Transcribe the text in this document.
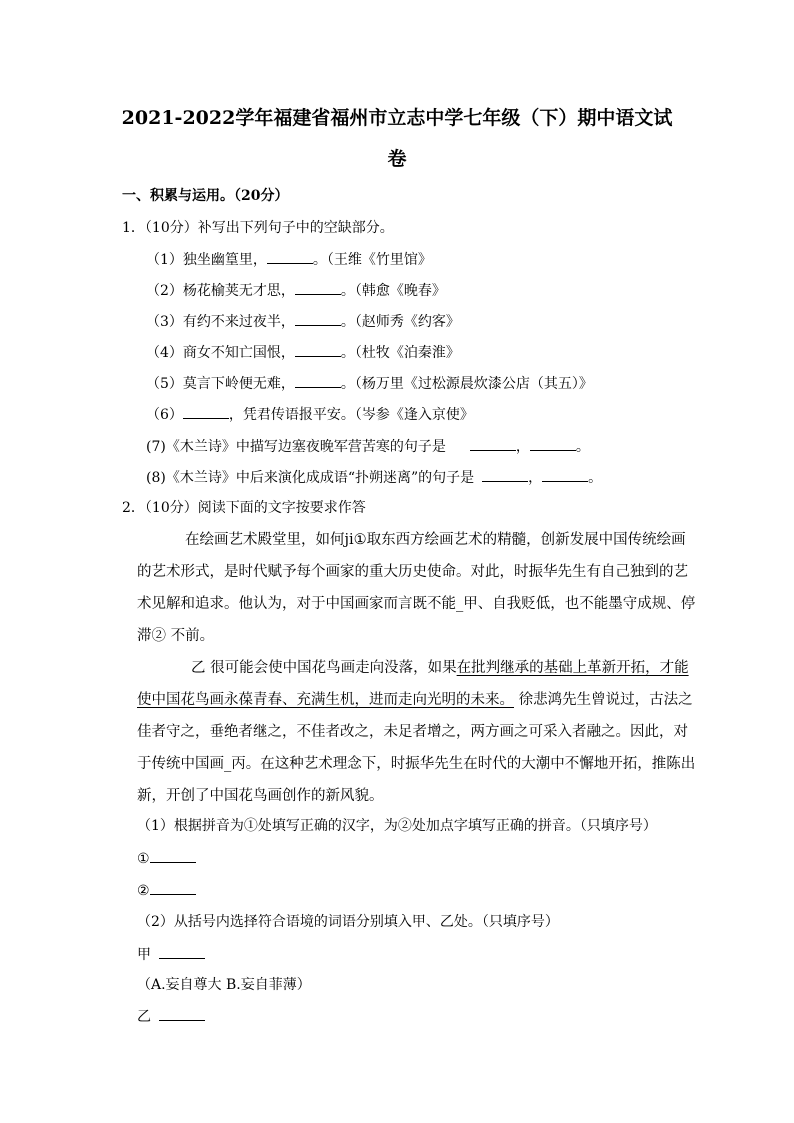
2021-2022学年福建省福州市立志中学七年级（下）期中语文试
卷
一、积累与运用。（20分）
1．（10分）补写出下列句子中的空缺部分。
（1）独坐幽篁里，	。（王维《竹里馆》
（2）杨花榆荚无才思，	。（韩愈《晚春》
（3）有约不来过夜半，	。（赵师秀《约客》
（4）商女不知亡国恨，	。（杜牧《泊秦淮》
（5）莫言下岭便无难，	。（杨万里《过松源晨炊漆公店（其五）》
（6）	，凭君传语报平安。（岑参《逢入京使》
(7)《木兰诗》中描写边塞夜晚军营苦寒的句子是	，	。
(8)《木兰诗》中后来演化成成语“扑朔迷离”的句子是	，	。
2．（10分）阅读下面的文字按要求作答
在绘画艺术殿堂里，如何ji①取东西方绘画艺术的精髓，创新发展中国传统绘画
的艺术形式，是时代赋予每个画家的重大历史使命。对此，时振华先生有自己独到的艺
术见解和追求。他认为，对于中国画家而言既不能_甲、自我贬低，也不能墨守成规、停
滞② 不前。
乙 很可能会使中国花鸟画走向没落，如果在批判继承的基础上革新开拓，才能
使中国花鸟画永葆青春、充满生机，进而走向光明的未来。 徐悲鸿先生曾说过，古法之
佳者守之，垂绝者继之，不佳者改之，未足者增之，两方画之可采入者融之。因此，对
于传统中国画_丙。在这种艺术理念下，时振华先生在时代的大潮中不懈地开拓，推陈出
新，开创了中国花鸟画创作的新风貌。
（1）根据拼音为①处填写正确的汉字，为②处加点字填写正确的拼音。（只填序号）
①
②
（2）从括号内选择符合语境的词语分别填入甲、乙处。（只填序号）
甲
（A.妄自尊大 B.妄自菲薄）
乙
